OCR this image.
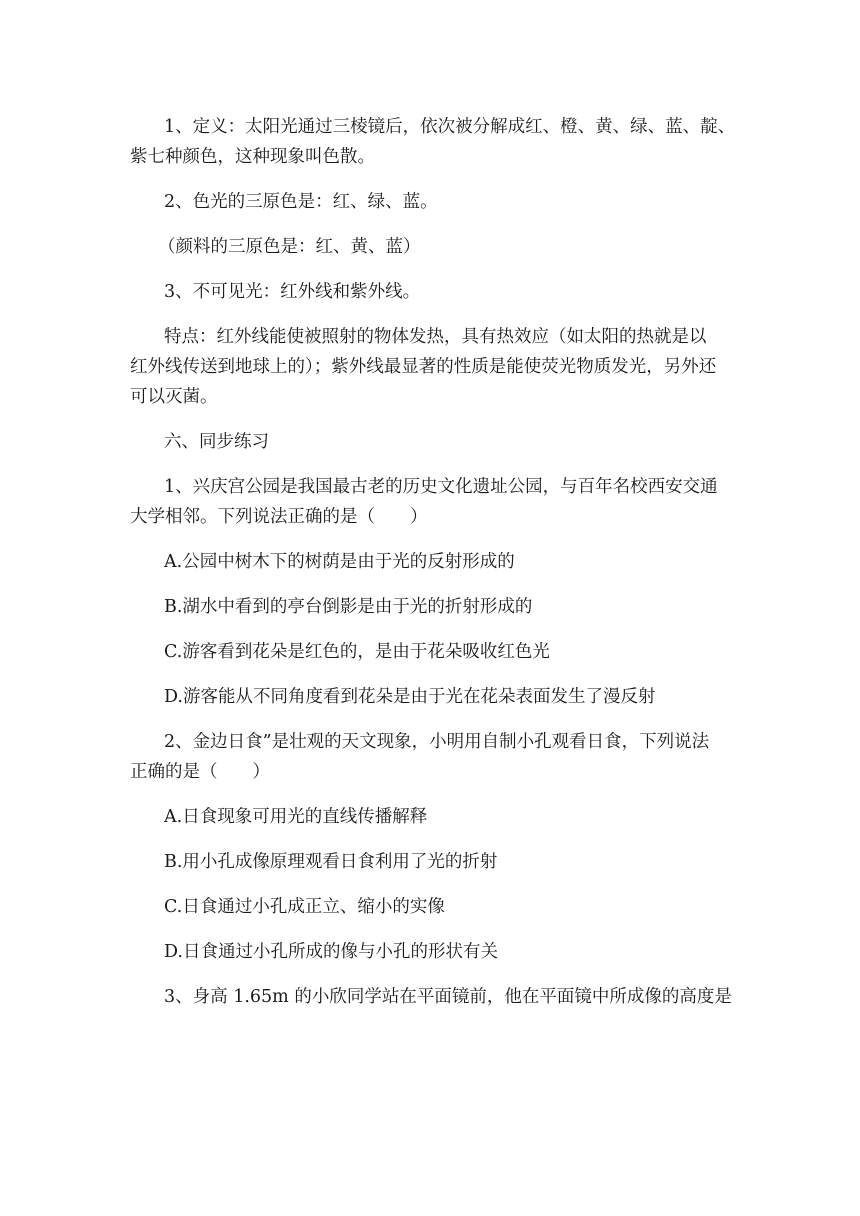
1、定义：太阳光通过三棱镜后，依次被分解成红、橙、黄、绿、蓝、靛、
紫七种颜色，这种现象叫色散。
2、色光的三原色是：红、绿、蓝。
（颜料的三原色是：红、黄、蓝）
3、不可见光：红外线和紫外线。
特点：红外线能使被照射的物体发热，具有热效应（如太阳的热就是以
红外线传送到地球上的）；紫外线最显著的性质是能使荧光物质发光，另外还
可以灭菌。
六、同步练习
1、兴庆宫公园是我国最古老的历史文化遗址公园，与百年名校西安交通
大学相邻。下列说法正确的是（　　）
A.公园中树木下的树荫是由于光的反射形成的
B.湖水中看到的亭台倒影是由于光的折射形成的
C.游客看到花朵是红色的，是由于花朵吸收红色光
D.游客能从不同角度看到花朵是由于光在花朵表面发生了漫反射
2、金边日食”是壮观的天文现象，小明用自制小孔观看日食，下列说法
正确的是（　　）
A.日食现象可用光的直线传播解释
B.用小孔成像原理观看日食利用了光的折射
C.日食通过小孔成正立、缩小的实像
D.日食通过小孔所成的像与小孔的形状有关
3、身高 1.65m 的小欣同学站在平面镜前，他在平面镜中所成像的高度是
